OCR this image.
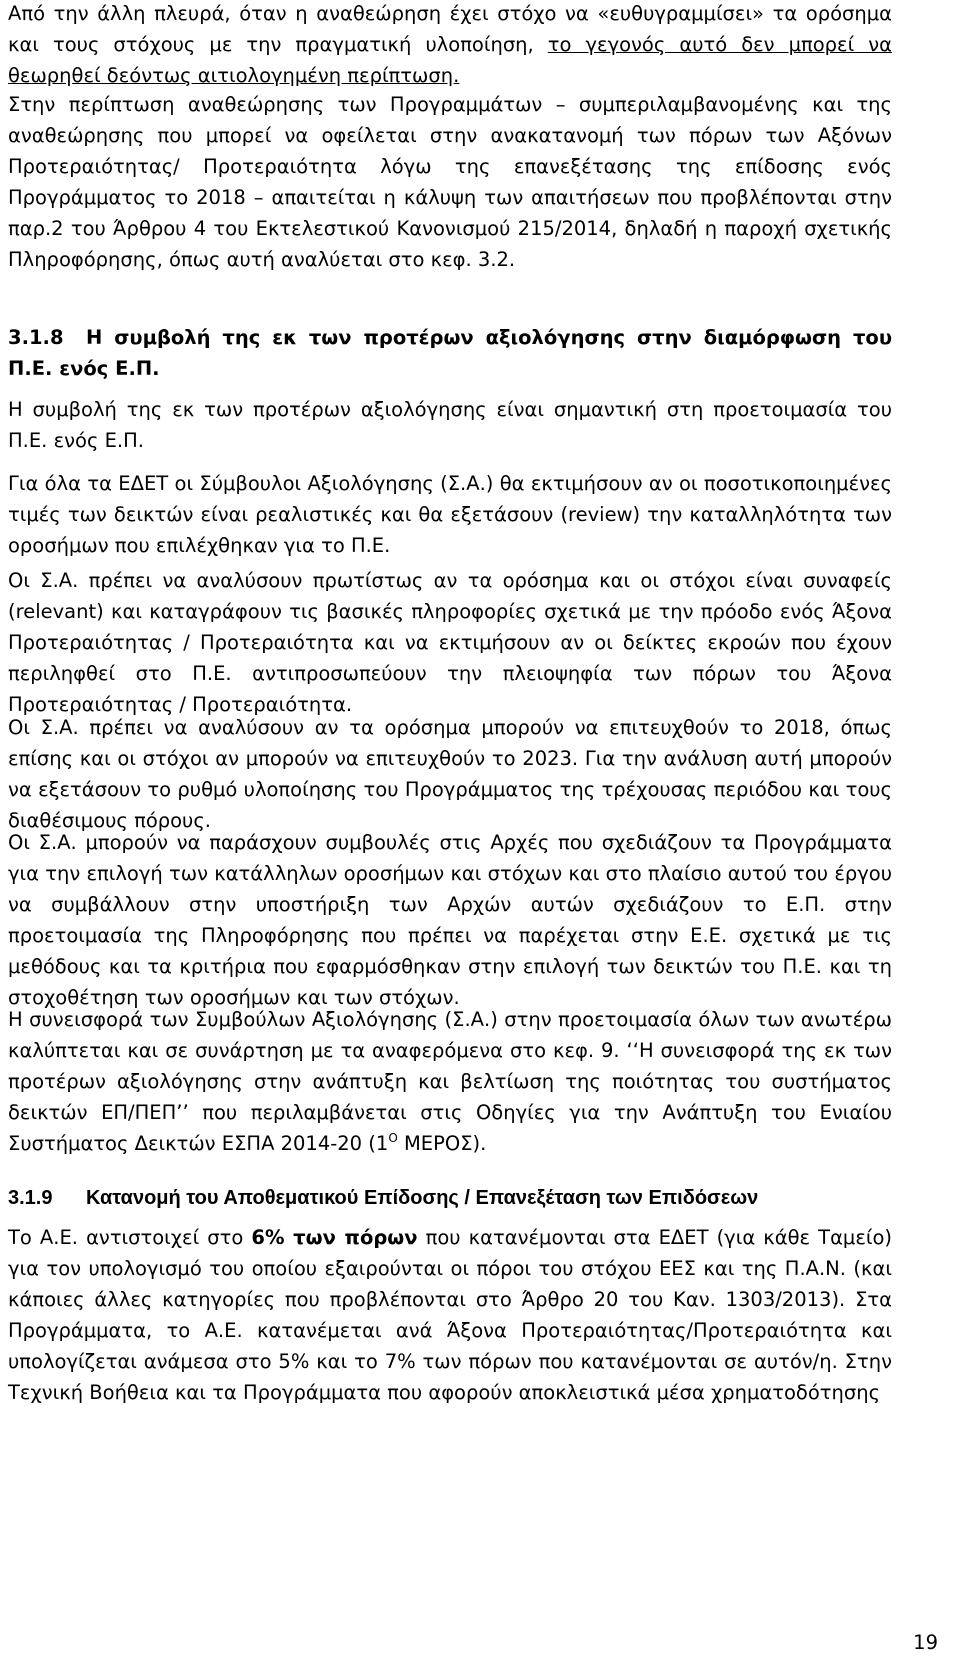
Από την άλλη πλευρά, όταν η αναθεώρηση έχει στόχο να «ευθυγραμμίσει» τα ορόσημα και τους στόχους με την πραγματική υλοποίηση, το γεγονός αυτό δεν μπορεί να θεωρηθεί δεόντως αιτιολογημένη περίπτωση.

Στην περίπτωση αναθεώρησης των Προγραμμάτων – συμπεριλαμβανομένης και της αναθεώρησης που μπορεί να οφείλεται στην ανακατανομή των πόρων των Αξόνων Προτεραιότητας/ Προτεραιότητα λόγω της επανεξέτασης της επίδοσης ενός Προγράμματος το 2018 – απαιτείται η κάλυψη των απαιτήσεων που προβλέπονται στην παρ.2 του Άρθρου 4 του Εκτελεστικού Κανονισμού 215/2014, δηλαδή η παροχή σχετικής Πληροφόρησης, όπως αυτή αναλύεται στο κεφ. 3.2.

3.1.8 Η συμβολή της εκ των προτέρων αξιολόγησης στην διαμόρφωση του Π.Ε. ενός Ε.Π.

Η συμβολή της εκ των προτέρων αξιολόγησης είναι σημαντική στη προετοιμασία του Π.Ε. ενός Ε.Π.

Για όλα τα ΕΔΕΤ οι Σύμβουλοι Αξιολόγησης (Σ.Α.) θα εκτιμήσουν αν οι ποσοτικοποιημένες τιμές των δεικτών είναι ρεαλιστικές και θα εξετάσουν (review) την καταλληλότητα των οροσήμων που επιλέχθηκαν για το Π.Ε.

Οι Σ.Α. πρέπει να αναλύσουν πρωτίστως αν τα ορόσημα και οι στόχοι είναι συναφείς (relevant) και καταγράφουν τις βασικές πληροφορίες σχετικά με την πρόοδο ενός Άξονα Προτεραιότητας / Προτεραιότητα και να εκτιμήσουν αν οι δείκτες εκροών που έχουν περιληφθεί στο Π.Ε. αντιπροσωπεύουν την πλειοψηφία των πόρων του Άξονα Προτεραιότητας / Προτεραιότητα.

Οι Σ.Α. πρέπει να αναλύσουν αν τα ορόσημα μπορούν να επιτευχθούν το 2018, όπως επίσης και οι στόχοι αν μπορούν να επιτευχθούν το 2023. Για την ανάλυση αυτή μπορούν να εξετάσουν το ρυθμό υλοποίησης του Προγράμματος της τρέχουσας περιόδου και τους διαθέσιμους πόρους.

Οι Σ.Α. μπορούν να παράσχουν συμβουλές στις Αρχές που σχεδιάζουν τα Προγράμματα για την επιλογή των κατάλληλων οροσήμων και στόχων και στο πλαίσιο αυτού του έργου να συμβάλλουν στην υποστήριξη των Αρχών αυτών σχεδιάζουν το Ε.Π. στην προετοιμασία της Πληροφόρησης που πρέπει να παρέχεται στην Ε.Ε. σχετικά με τις μεθόδους και τα κριτήρια που εφαρμόσθηκαν στην επιλογή των δεικτών του Π.Ε. και τη στοχοθέτηση των οροσήμων και των στόχων.

Η συνεισφορά των Συμβούλων Αξιολόγησης (Σ.Α.) στην προετοιμασία όλων των ανωτέρω καλύπτεται και σε συνάρτηση με τα αναφερόμενα στο κεφ. 9. ‘‘Η συνεισφορά της εκ των προτέρων αξιολόγησης στην ανάπτυξη και βελτίωση της ποιότητας του συστήματος δεικτών ΕΠ/ΠΕΠ’’ που περιλαμβάνεται στις Οδηγίες για την Ανάπτυξη του Ενιαίου Συστήματος Δεικτών ΕΣΠΑ 2014-20 ($1^O$ ΜΕΡΟΣ).

3.1.9 Κατανομή του Αποθεματικού Επίδοσης / Επανεξέταση των Επιδόσεων

Το Α.Ε. αντιστοιχεί στο 6% των πόρων που κατανέμονται στα ΕΔΕΤ (για κάθε Ταμείο) για τον υπολογισμό του οποίου εξαιρούνται οι πόροι του στόχου ΕΕΣ και της Π.Α.Ν. (και κάποιες άλλες κατηγορίες που προβλέπονται στο Άρθρο 20 του Καν. 1303/2013). Στα Προγράμματα, το Α.Ε. κατανέμεται ανά Άξονα Προτεραιότητας/Προτεραιότητα και υπολογίζεται ανάμεσα στο 5% και το 7% των πόρων που κατανέμονται σε αυτόν/η. Στην Τεχνική Βοήθεια και τα Προγράμματα που αφορούν αποκλειστικά μέσα χρηματοδότησης

19
